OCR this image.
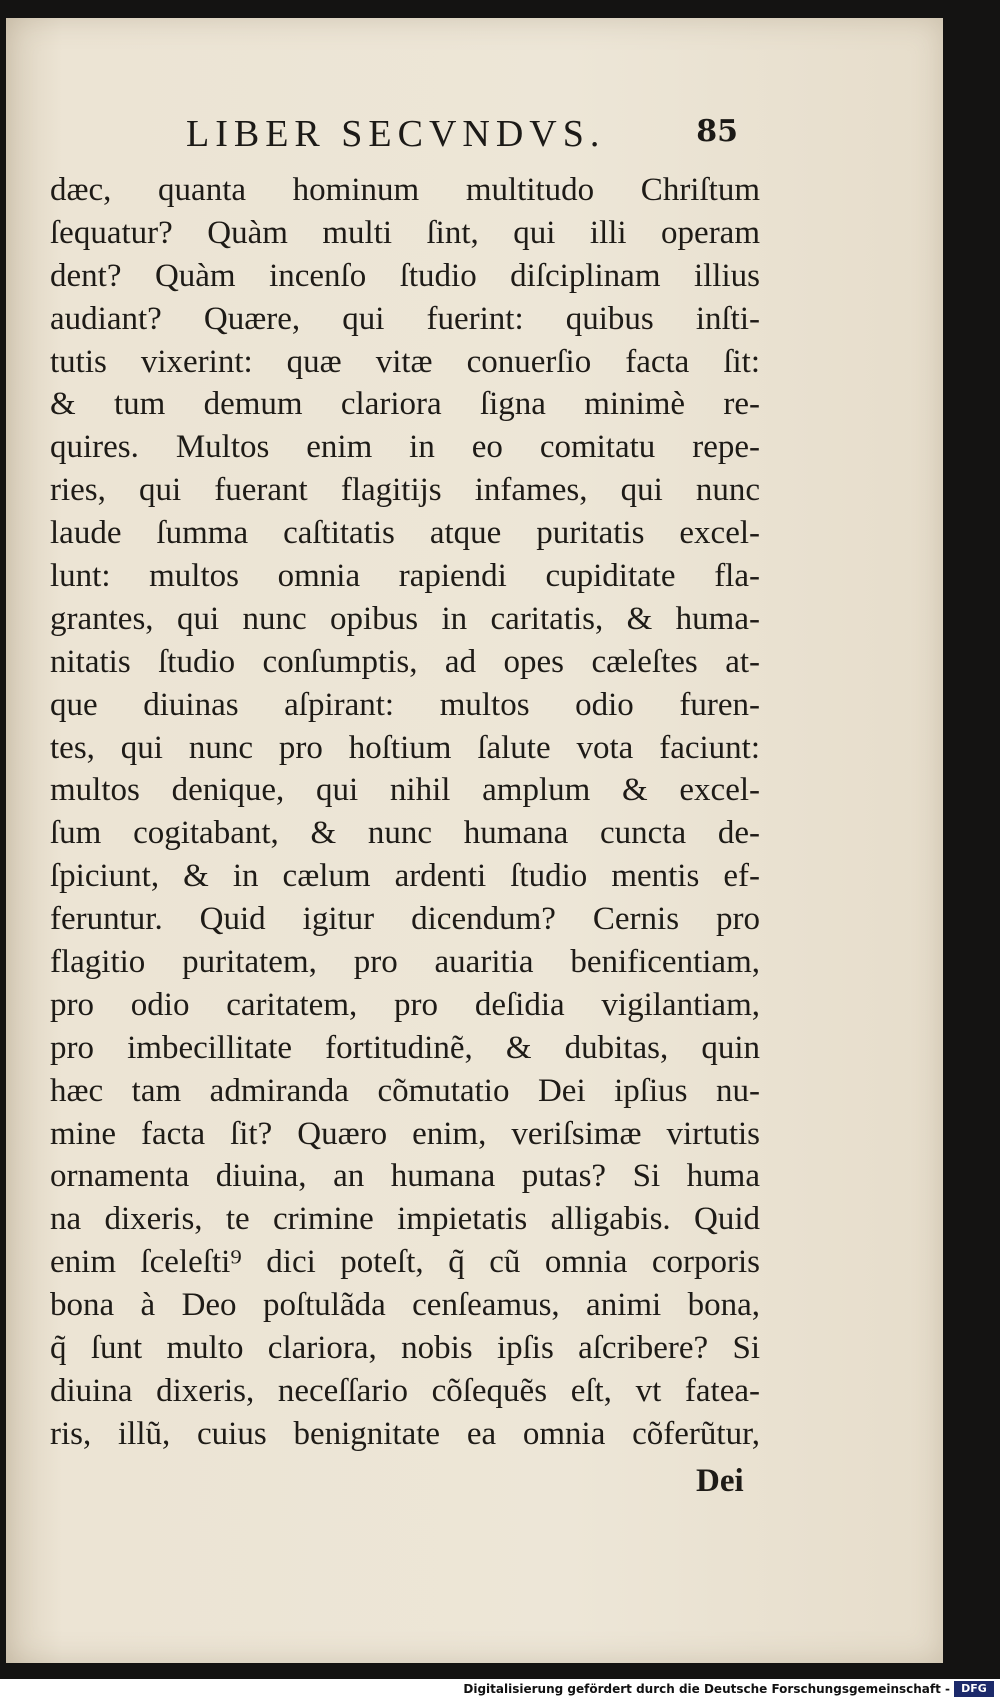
LIBER SECVNDVS.	85
dæc, quanta hominum multitudo Chriſtum
ſequatur? Quàm multi ſint, qui illi operam
dent? Quàm incenſo ſtudio diſciplinam illius
audiant? Quære, qui fuerint: quibus inſti-
tutis vixerint: quæ vitæ conuerſio facta ſit:
& tum demum clariora ſigna minimè re-
quires. Multos enim in eo comitatu repe-
ries, qui fuerant flagitijs infames, qui nunc
laude ſumma caſtitatis atque puritatis excel-
lunt: multos omnia rapiendi cupiditate fla-
grantes, qui nunc opibus in caritatis, & huma-
nitatis ſtudio conſumptis, ad opes cæleſtes at-
que diuinas aſpirant: multos odio furen-
tes, qui nunc pro hoſtium ſalute vota faciunt:
multos denique, qui nihil amplum & excel-
ſum cogitabant, & nunc humana cuncta de-
ſpiciunt, & in cælum ardenti ſtudio mentis ef-
feruntur. Quid igitur dicendum? Cernis pro
flagitio puritatem, pro auaritia benificentiam,
pro odio caritatem, pro deſidia vigilantiam,
pro imbecillitate fortitudinẽ, & dubitas, quin
hæc tam admiranda cõmutatio Dei ipſius nu-
mine facta ſit? Quæro enim, veriſsimæ virtutis
ornamenta diuina, an humana putas? Si huma
na dixeris, te crimine impietatis alligabis. Quid
enim ſceleſti⁹ dici poteſt, q̃ cũ omnia corporis
bona à Deo poſtulãda cenſeamus, animi bona,
q̃ ſunt multo clariora, nobis ipſis aſcribere? Si
diuina dixeris, neceſſario cõſequẽs eſt, vt fatea-
ris, illũ, cuius benignitate ea omnia cõferũtur,
Dei
Digitalisierung gefördert durch die Deutsche Forschungsgemeinschaft -	DFG
